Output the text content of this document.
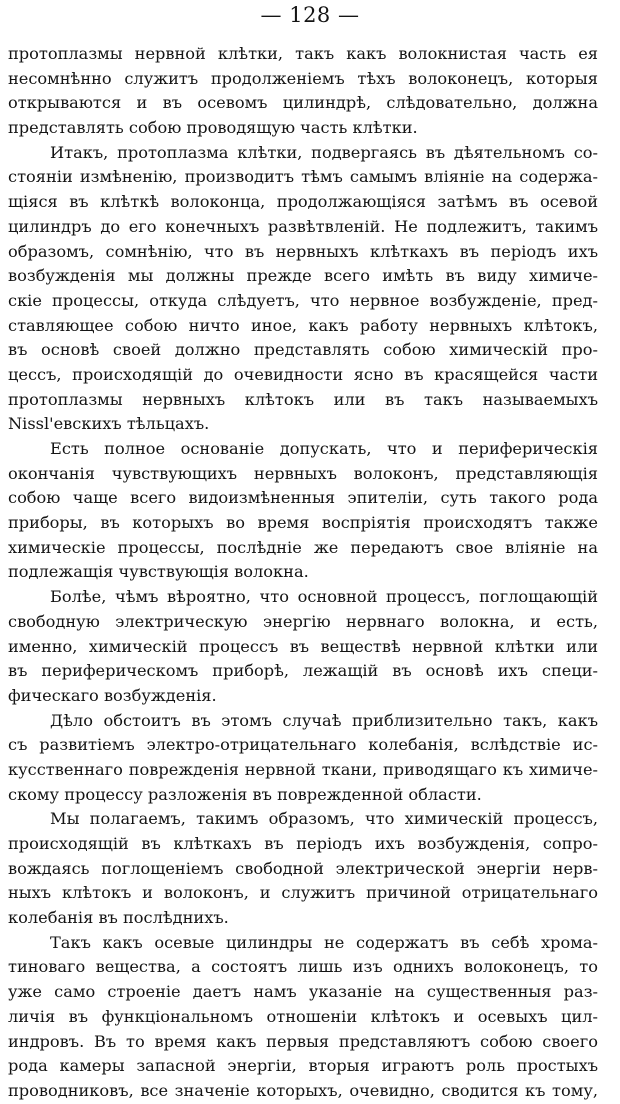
— 128 —
протоплазмы нервной клѣтки, такъ какъ волокнистая часть ея
несомнѣнно служитъ продолженіемъ тѣхъ волоконецъ, которыя
открываются и въ осевомъ цилиндрѣ, слѣдовательно, должна
представлять собою проводящую часть клѣтки.
Итакъ, протоплазма клѣтки, подвергаясь въ дѣятельномъ со-
стояніи измѣненію, производитъ тѣмъ самымъ вліяніе на содержа-
щіяся въ клѣткѣ волоконца, продолжающіяся затѣмъ въ осевой
цилиндръ до его конечныхъ развѣтвленій. Не подлежитъ, такимъ
образомъ, сомнѣнію, что въ нервныхъ клѣткахъ въ періодъ ихъ
возбужденія мы должны прежде всего имѣть въ виду химиче-
скіе процессы, откуда слѣдуетъ, что нервное возбужденіе, пред-
ставляющее собою ничто иное, какъ работу нервныхъ клѣтокъ,
въ основѣ своей должно представлять собою химическій про-
цессъ, происходящій до очевидности ясно въ красящейся части
протоплазмы нервныхъ клѣтокъ или въ такъ называемыхъ
Nissl'евскихъ тѣльцахъ.
Есть полное основаніе допускать, что и периферическія
окончанія чувствующихъ нервныхъ волоконъ, представляющія
собою чаще всего видоизмѣненныя эпителіи, суть такого рода
приборы, въ которыхъ во время воспріятія происходятъ также
химическіе процессы, послѣдніе же передаютъ свое вліяніе на
подлежащія чувствующія волокна.
Болѣе, чѣмъ вѣроятно, что основной процессъ, поглощающій
свободную электрическую энергію нервнаго волокна, и есть,
именно, химическій процессъ въ веществѣ нервной клѣтки или
въ периферическомъ приборѣ, лежащій въ основѣ ихъ специ-
фическаго возбужденія.
Дѣло обстоитъ въ этомъ случаѣ приблизительно такъ, какъ
съ развитіемъ электро-отрицательнаго колебанія, вслѣдствіе ис-
кусственнаго поврежденія нервной ткани, приводящаго къ химиче-
скому процессу разложенія въ поврежденной области.
Мы полагаемъ, такимъ образомъ, что химическій процессъ,
происходящій въ клѣткахъ въ періодъ ихъ возбужденія, сопро-
вождаясь поглощеніемъ свободной электрической энергіи нерв-
ныхъ клѣтокъ и волоконъ, и служитъ причиной отрицательнаго
колебанія въ послѣднихъ.
Такъ какъ осевые цилиндры не содержатъ въ себѣ хрома-
тиноваго вещества, а состоятъ лишь изъ однихъ волоконецъ, то
уже само строеніе даетъ намъ указаніе на существенныя раз-
личія въ функціональномъ отношеніи клѣтокъ и осевыхъ цил-
индровъ. Въ то время какъ первыя представляютъ собою своего
рода камеры запасной энергіи, вторыя играютъ роль простыхъ
проводниковъ, все значеніе которыхъ, очевидно, сводится къ тому,
